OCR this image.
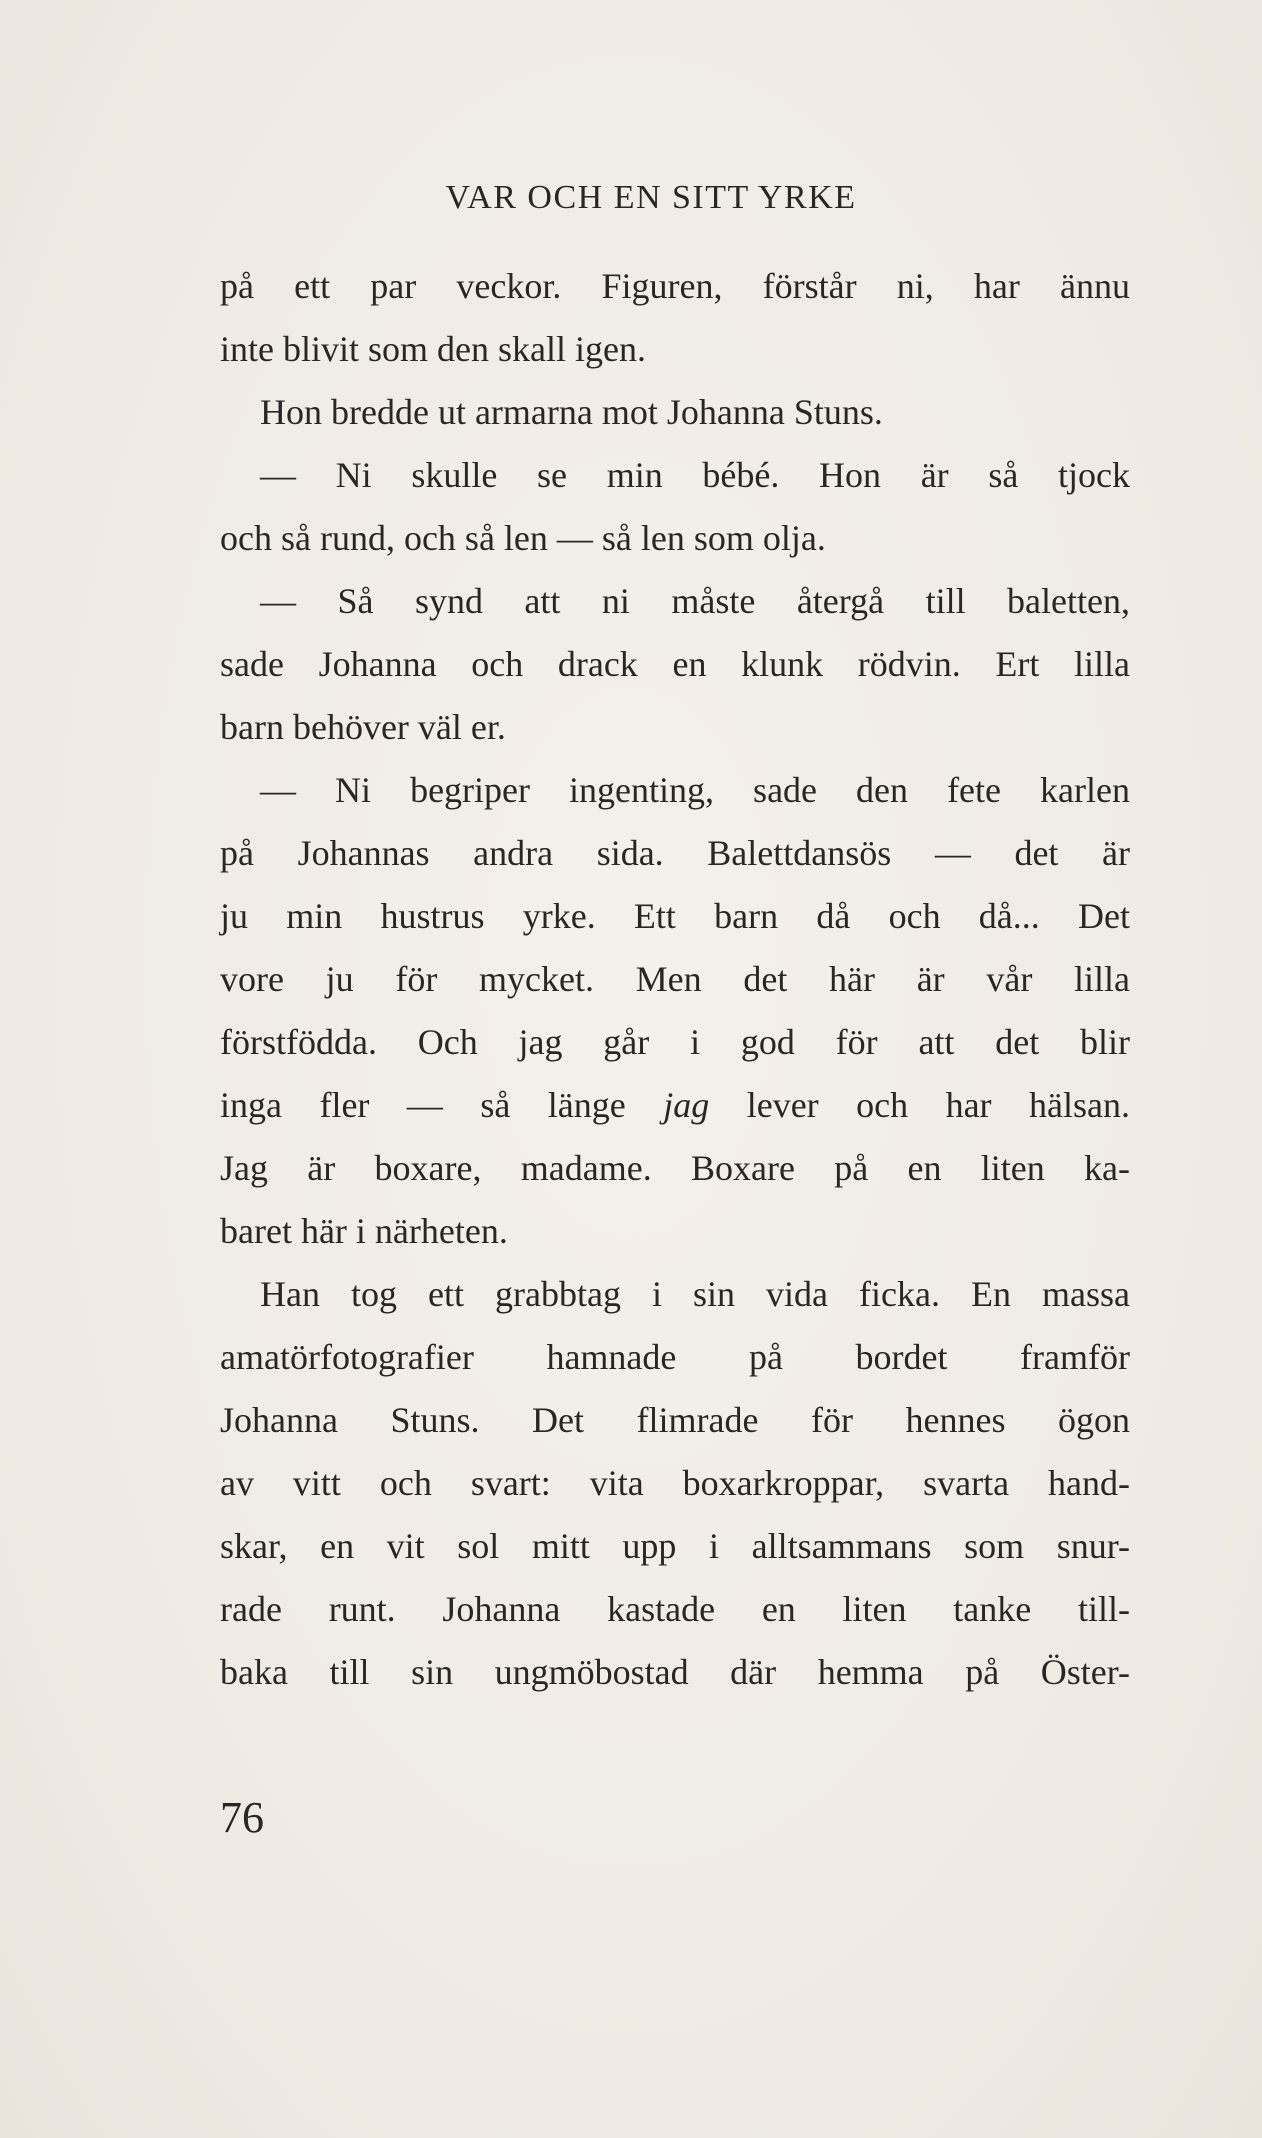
VAR OCH EN SITT YRKE
på ett par veckor. Figuren, förstår ni, har ännu
inte blivit som den skall igen.
Hon bredde ut armarna mot Johanna Stuns.
— Ni skulle se min bébé. Hon är så tjock
och så rund, och så len — så len som olja.
— Så synd att ni måste återgå till baletten,
sade Johanna och drack en klunk rödvin. Ert lilla
barn behöver väl er.
— Ni begriper ingenting, sade den fete karlen
på Johannas andra sida. Balettdansös — det är
ju min hustrus yrke. Ett barn då och då... Det
vore ju för mycket. Men det här är vår lilla
förstfödda. Och jag går i god för att det blir
inga fler — så länge jag lever och har hälsan.
Jag är boxare, madame. Boxare på en liten ka-
baret här i närheten.
Han tog ett grabbtag i sin vida ficka. En massa
amatörfotografier hamnade på bordet framför
Johanna Stuns. Det flimrade för hennes ögon
av vitt och svart: vita boxarkroppar, svarta hand-
skar, en vit sol mitt upp i alltsammans som snur-
rade runt. Johanna kastade en liten tanke till-
baka till sin ungmöbostad där hemma på Öster-
76
